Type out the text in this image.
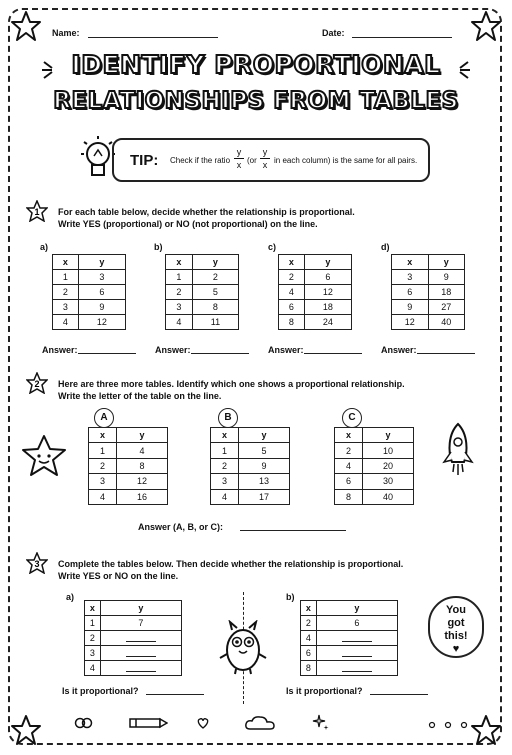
Name:	Date:
IDENTIFY PROPORTIONAL
RELATIONSHIPS FROM TABLES
TIP: Check if the ratio $\frac{y}{x} (or \frac{y}{x}$ in each column) is the same for all pairs.
1 For each table below, decide whether the relationship is proportional.
Write YES (proportional) or NO (not proportional) on the line.
a)	b)	c)	d)
x	y
1	3
2	6
3	9
4	12
x	y
1	2
2	5
3	8
4	11
x	y
2	6
4	12
6	18
8	24
x	y
3	9
6	18
9	27
12	40
Answer:	Answer:	Answer:	Answer:
2 Here are three more tables. Identify which one shows a proportional relationship.
Write the letter of the table on the line.
A	B	C
x	y
1	4
2	8
3	12
4	16
x	y
1	5
2	9
3	13
4	17
x	y
2	10
4	20
6	30
8	40
Answer (A, B, or C):
3 Complete the tables below. Then decide whether the relationship is proportional.
Write YES or NO on the line.
a)	b)
x	y
1	7
2	
3	
4	
x	y
2	6
4	
6	
8	
You
got
this!
♥
Is it proportional?	Is it proportional?
